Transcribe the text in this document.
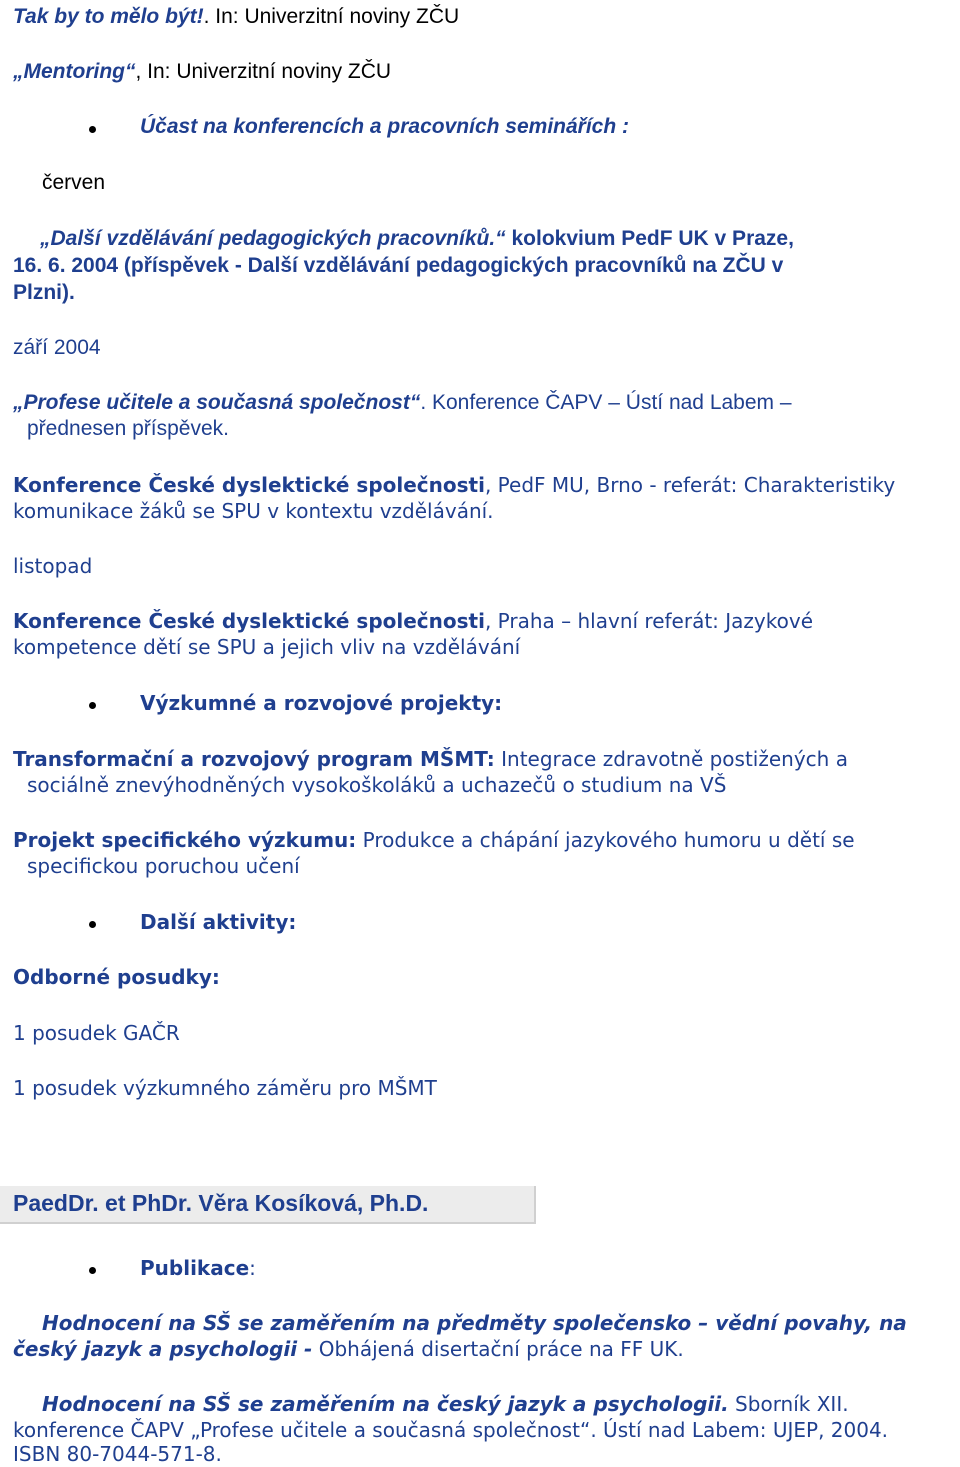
Tak by to mělo být!. In: Univerzitní noviny ZČU
„Mentoring“, In: Univerzitní noviny ZČU
Účast na konferencích a pracovních seminářích :
červen
„Další vzdělávání pedagogických pracovníků.“ kolokvium PedF UK v Praze,
16. 6. 2004 (příspěvek - Další vzdělávání pedagogických pracovníků na ZČU v
Plzni).
září 2004
„Profese učitele a současná společnost“. Konference ČAPV – Ústí nad Labem –
přednesen příspěvek.
Konference České dyslektické společnosti, PedF MU, Brno - referát: Charakteristiky
komunikace žáků se SPU v kontextu vzdělávání.
listopad
Konference České dyslektické společnosti, Praha – hlavní referát: Jazykové
kompetence dětí se SPU a jejich vliv na vzdělávání
Výzkumné a rozvojové projekty:
Transformační a rozvojový program MŠMT: Integrace zdravotně postižených a
sociálně znevýhodněných vysokoškoláků a uchazečů o studium na VŠ
Projekt specifického výzkumu: Produkce a chápání jazykového humoru u dětí se
specifickou poruchou učení
Další aktivity:
Odborné posudky:
1 posudek GAČR
1 posudek výzkumného záměru pro MŠMT
PaedDr. et PhDr. Věra Kosíková, Ph.D.
Publikace:
Hodnocení na SŠ se zaměřením na předměty společensko – vědní povahy, na
český jazyk a psychologii - Obhájená disertační práce na FF UK.
Hodnocení na SŠ se zaměřením na český jazyk a psychologii. Sborník XII.
konference ČAPV „Profese učitele a současná společnost“. Ústí nad Labem: UJEP, 2004.
ISBN 80-7044-571-8.
